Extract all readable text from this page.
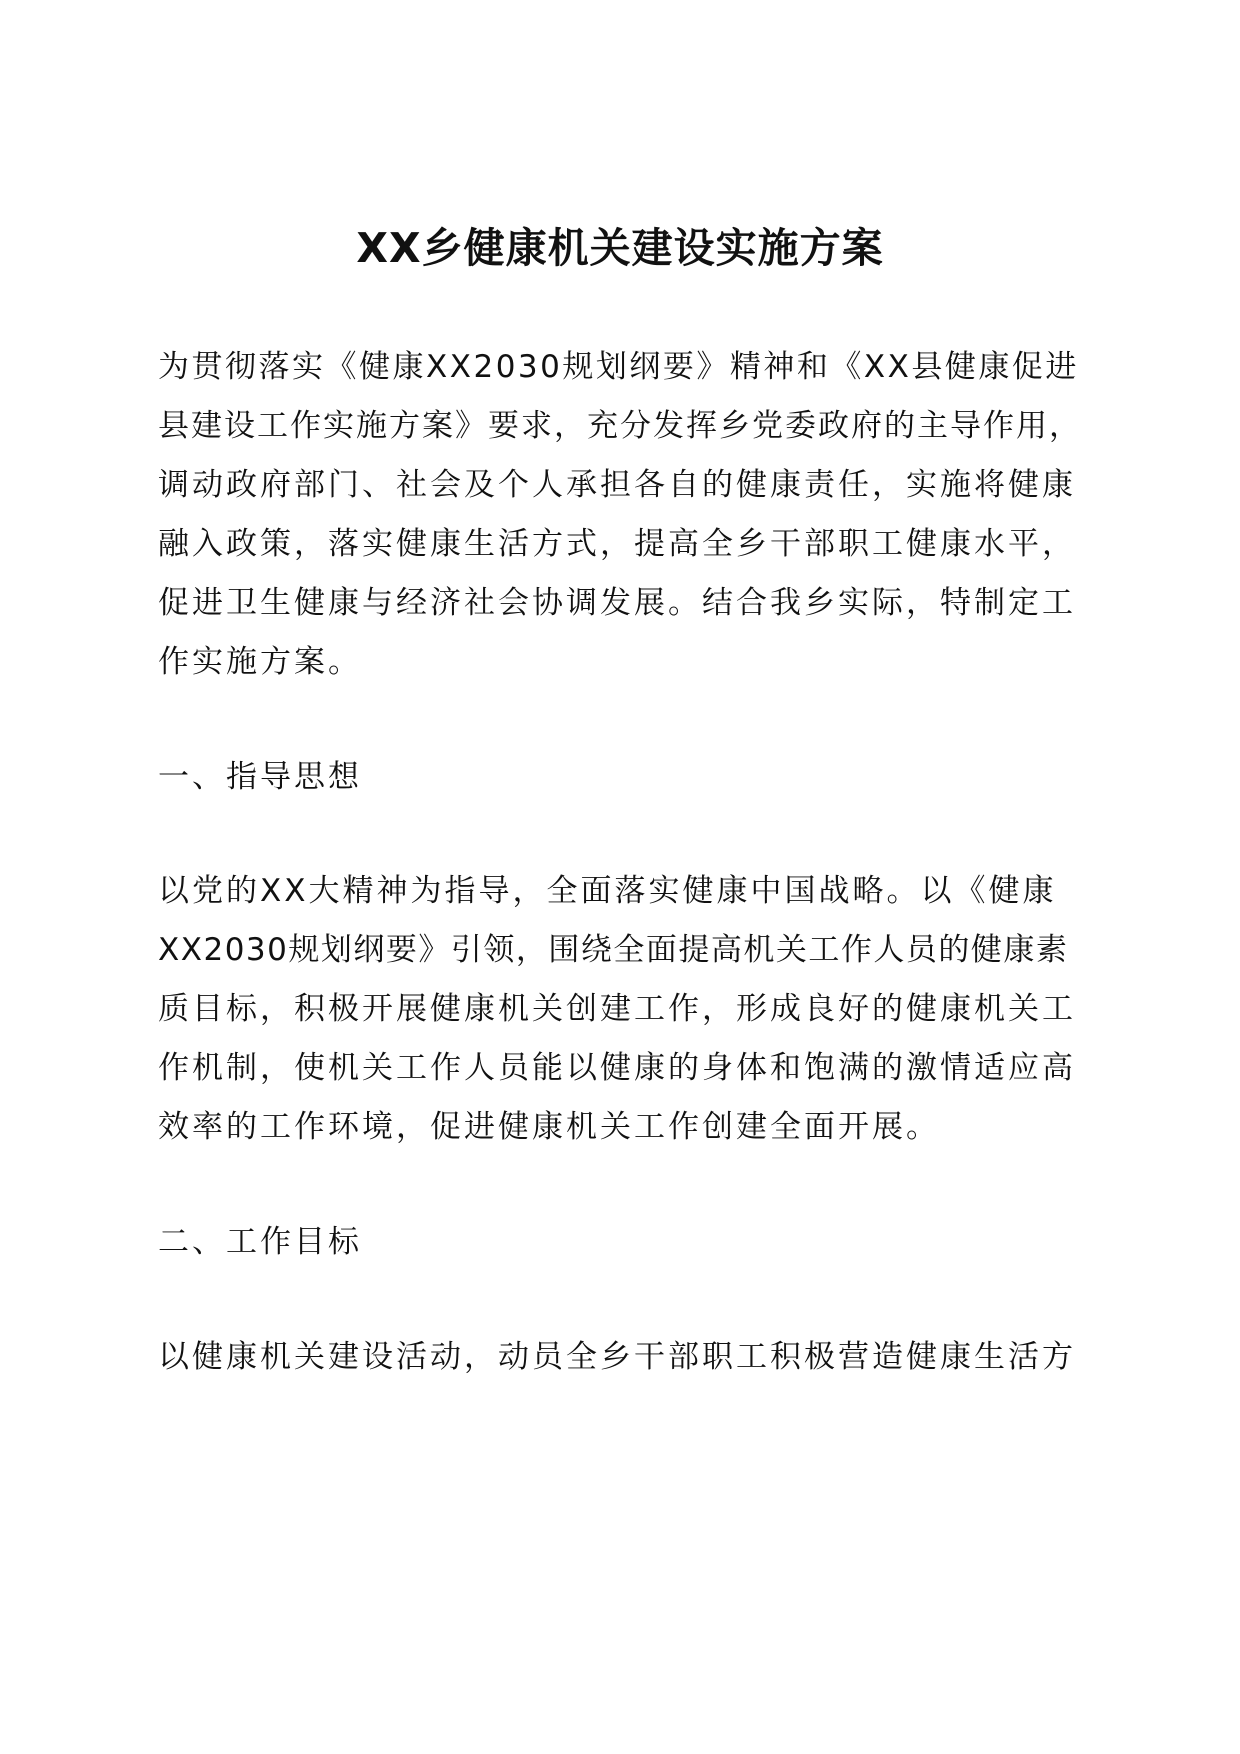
XX乡健康机关建设实施方案

为贯彻落实《健康XX2030规划纲要》精神和《XX县健康促进

县建设工作实施方案》要求，充分发挥乡党委政府的主导作用，

调动政府部门、社会及个人承担各自的健康责任，实施将健康

融入政策，落实健康生活方式，提高全乡干部职工健康水平，

促进卫生健康与经济社会协调发展。结合我乡实际，特制定工

作实施方案。

一、指导思想

以党的XX大精神为指导，全面落实健康中国战略。以《健康

XX2030规划纲要》引领，围绕全面提高机关工作人员的健康素

质目标，积极开展健康机关创建工作，形成良好的健康机关工

作机制，使机关工作人员能以健康的身体和饱满的激情适应高

效率的工作环境，促进健康机关工作创建全面开展。

二、工作目标

以健康机关建设活动，动员全乡干部职工积极营造健康生活方
